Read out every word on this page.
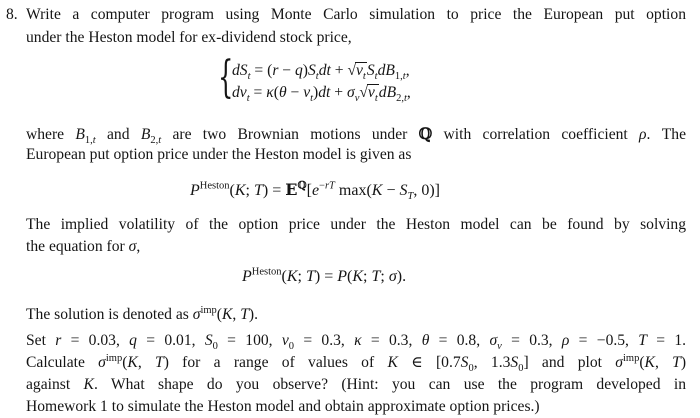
8. Write a computer program using Monte Carlo simulation to price the European put option
under the Heston model for ex-dividend stock price,
{
$dS_t = (r - q)S_tdt + √v_tS_tdB_{1,t}$,
$dv_t = \kappa(\theta - v_t)dt + \sigma_v√v_tdB_{2,t}$,
where $B_{1,t}$ and $B_{2,t}$ are two Brownian motions under ℚ with correlation coefficient ρ. The
European put option price under the Heston model is given as
$P^{Heston}(K$; $T) = E^ℚ[e^{-rT}$ $\max(K - S_T$, 0)]
The implied volatility of the option price under the Heston model can be found by solving
the equation for σ,
$P^{Heston}(K$; T) = P(K; T; σ).
The solution is denoted as $\sigma^{imp}(K$, T).
Set r = 0.03, q = 0.01, $S_0 = 100$, $v_0 = 0.3$, κ = 0.3, θ = 0.8, $\sigma_v = 0.3$, ρ = −0.5, T = 1.
Calculate $\sigma^{imp}(K$, T) for a range of values of K ∈ [$0.7S_0$, $1.3S_0$] and plot $\sigma^{imp}(K$, T)
against K. What shape do you observe? (Hint: you can use the program developed in
Homework 1 to simulate the Heston model and obtain approximate option prices.)
